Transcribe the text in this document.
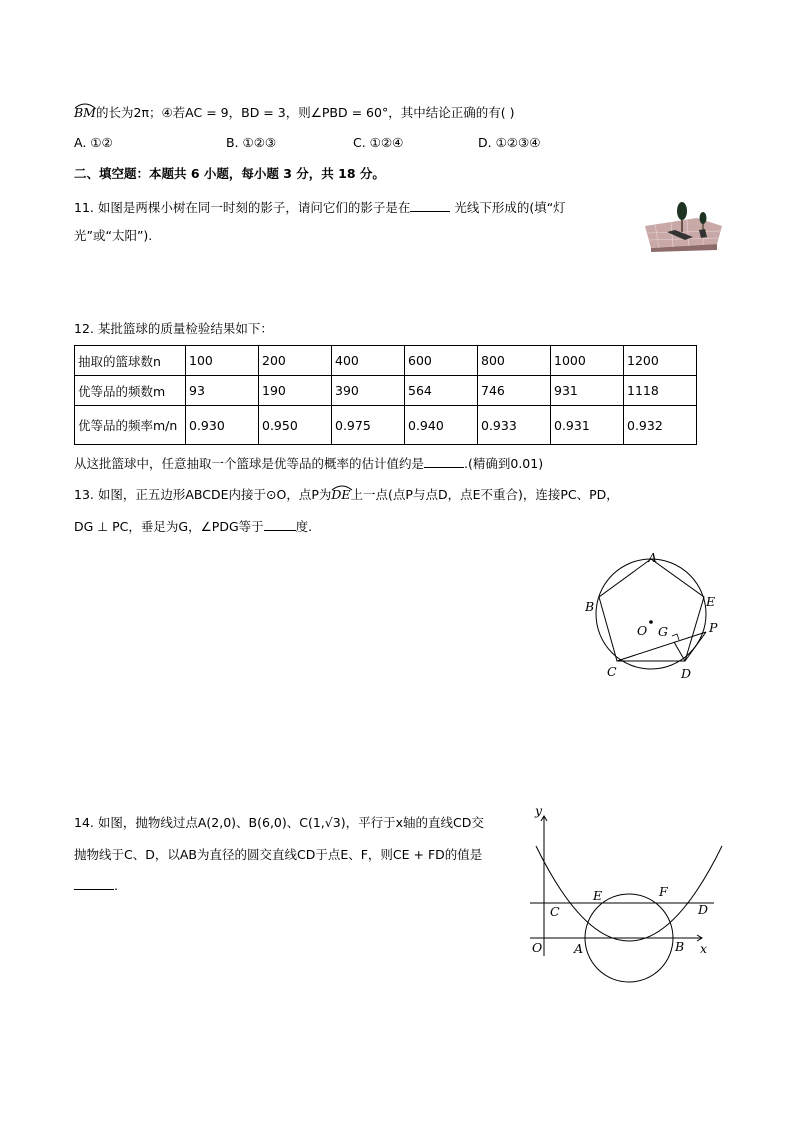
BM
的长为2π；④若AC = 9，BD = 3，则∠PBD = 60°，其中结论正确的有( )
A. ①②	B. ①②③	C. ①②④	D. ①②③④
二、填空题：本题共 6 小题，每小题 3 分，共 18 分。
11. 如图是两棵小树在同一时刻的影子，请问它们的影子是在	光线下形成的(填“灯
光”或“太阳”).
12. 某批篮球的质量检验结果如下：
抽取的篮球数n	100	200	400	600	800	1000	1200
优等品的频数m	93	190	390	564	746	931	1118
优等品的频率m/n	0.930	0.950	0.975	0.940	0.933	0.931	0.932
从这批篮球中，任意抽取一个篮球是优等品的概率的估计值约是	.(精确到0.01)
13. 如图，正五边形ABCDE内接于⊙O，点P为DE
上一点(点P与点D，点E不重合)，连接PC、PD，
DG ⊥ PC，垂足为G，∠PDG等于	度.
A
B
C	D
E
P
O G
14. 如图，抛物线过点A(2,0)、B(6,0)、C(1,√3)，平行于x轴的直线CD交
抛物线于C、D，以AB为直径的圆交直线CD于点E、F，则CE + FD的值是
.
y
x
O	A	B
C	D
E	F
